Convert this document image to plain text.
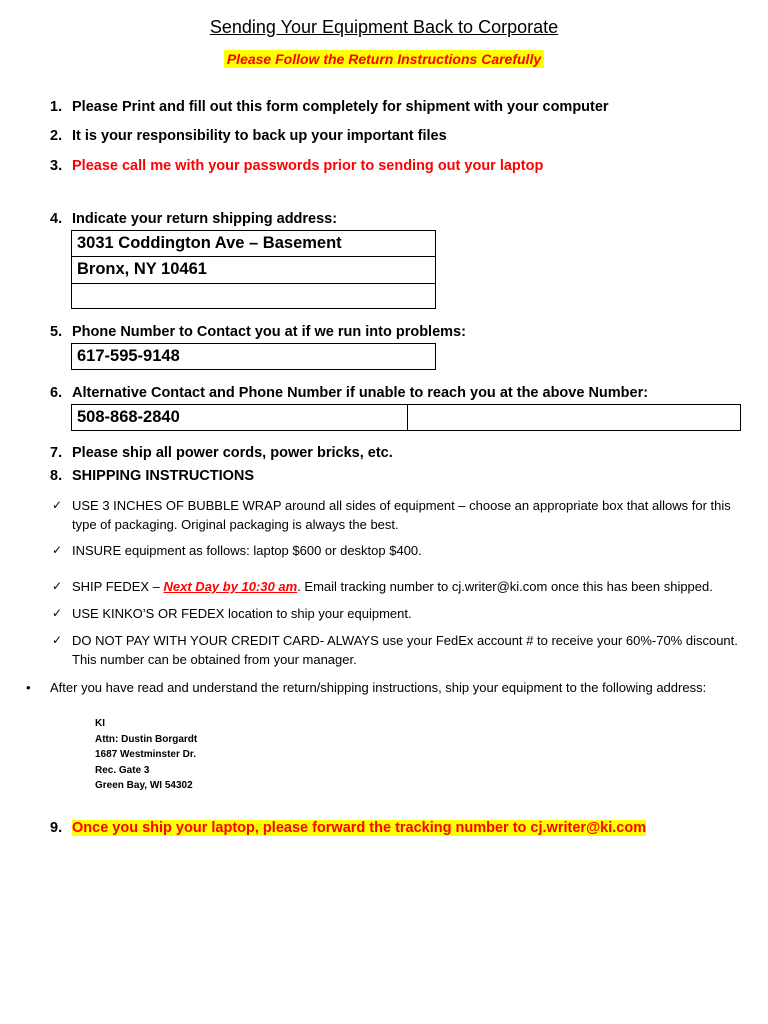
Sending Your Equipment Back to Corporate
Please Follow the Return Instructions Carefully
1. Please Print and fill out this form completely for shipment with your computer
2. It is your responsibility to back up your important files
3. Please call me with your passwords prior to sending out your laptop
4. Indicate your return shipping address:
3031 Coddington Ave – Basement
Bronx, NY 10461
5. Phone Number to Contact you at if we run into problems:
617-595-9148
6. Alternative Contact and Phone Number if unable to reach you at the above Number:
508-868-2840
7. Please ship all power cords, power bricks, etc.
8. SHIPPING INSTRUCTIONS
✓ USE 3 INCHES OF BUBBLE WRAP around all sides of equipment – choose an appropriate box that allows for this type of packaging. Original packaging is always the best.
✓ INSURE equipment as follows: laptop $600 or desktop $400.
✓ SHIP FEDEX – Next Day by 10:30 am. Email tracking number to cj.writer@ki.com once this has been shipped.
✓ USE KINKO’S OR FEDEX location to ship your equipment.
✓ DO NOT PAY WITH YOUR CREDIT CARD- ALWAYS use your FedEx account # to receive your 60%-70% discount. This number can be obtained from your manager.
• After you have read and understand the return/shipping instructions, ship your equipment to the following address:
KI
Attn: Dustin Borgardt
1687 Westminster Dr.
Rec. Gate 3
Green Bay, WI 54302
9. Once you ship your laptop, please forward the tracking number to cj.writer@ki.com
